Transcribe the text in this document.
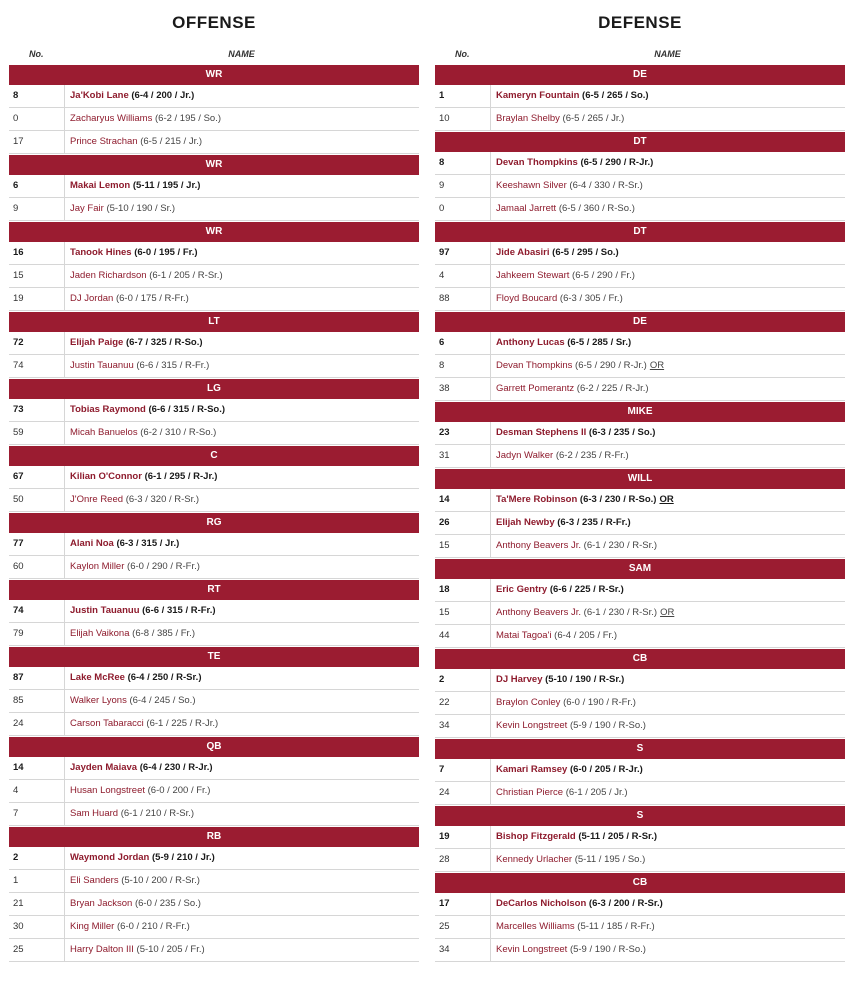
OFFENSE
No.	NAME
WR
8	Ja'Kobi Lane (6-4 / 200 / Jr.)
0	Zacharyus Williams (6-2 / 195 / So.)
17	Prince Strachan (6-5 / 215 / Jr.)
WR
6	Makai Lemon (5-11 / 195 / Jr.)
9	Jay Fair (5-10 / 190 / Sr.)
WR
16	Tanook Hines (6-0 / 195 / Fr.)
15	Jaden Richardson (6-1 / 205 / R-Sr.)
19	DJ Jordan (6-0 / 175 / R-Fr.)
LT
72	Elijah Paige (6-7 / 325 / R-So.)
74	Justin Tauanuu (6-6 / 315 / R-Fr.)
LG
73	Tobias Raymond (6-6 / 315 / R-So.)
59	Micah Banuelos (6-2 / 310 / R-So.)
C
67	Kilian O'Connor (6-1 / 295 / R-Jr.)
50	J'Onre Reed (6-3 / 320 / R-Sr.)
RG
77	Alani Noa (6-3 / 315 / Jr.)
60	Kaylon Miller (6-0 / 290 / R-Fr.)
RT
74	Justin Tauanuu (6-6 / 315 / R-Fr.)
79	Elijah Vaikona (6-8 / 385 / Fr.)
TE
87	Lake McRee (6-4 / 250 / R-Sr.)
85	Walker Lyons (6-4 / 245 / So.)
24	Carson Tabaracci (6-1 / 225 / R-Jr.)
QB
14	Jayden Maiava (6-4 / 230 / R-Jr.)
4	Husan Longstreet (6-0 / 200 / Fr.)
7	Sam Huard (6-1 / 210 / R-Sr.)
RB
2	Waymond Jordan (5-9 / 210 / Jr.)
1	Eli Sanders (5-10 / 200 / R-Sr.)
21	Bryan Jackson (6-0 / 235 / So.)
30	King Miller (6-0 / 210 / R-Fr.)
25	Harry Dalton III (5-10 / 205 / Fr.)
DEFENSE
No.	NAME
DE
1	Kameryn Fountain (6-5 / 265 / So.)
10	Braylan Shelby (6-5 / 265 / Jr.)
DT
8	Devan Thompkins (6-5 / 290 / R-Jr.)
9	Keeshawn Silver (6-4 / 330 / R-Sr.)
0	Jamaal Jarrett (6-5 / 360 / R-So.)
DT
97	Jide Abasiri (6-5 / 295 / So.)
4	Jahkeem Stewart (6-5 / 290 / Fr.)
88	Floyd Boucard (6-3 / 305 / Fr.)
DE
6	Anthony Lucas (6-5 / 285 / Sr.)
8	Devan Thompkins (6-5 / 290 / R-Jr.) OR
38	Garrett Pomerantz (6-2 / 225 / R-Jr.)
MIKE
23	Desman Stephens II (6-3 / 235 / So.)
31	Jadyn Walker (6-2 / 235 / R-Fr.)
WILL
14	Ta'Mere Robinson (6-3 / 230 / R-So.) OR
26	Elijah Newby (6-3 / 235 / R-Fr.)
15	Anthony Beavers Jr. (6-1 / 230 / R-Sr.)
SAM
18	Eric Gentry (6-6 / 225 / R-Sr.)
15	Anthony Beavers Jr. (6-1 / 230 / R-Sr.) OR
44	Matai Tagoa'i (6-4 / 205 / Fr.)
CB
2	DJ Harvey (5-10 / 190 / R-Sr.)
22	Braylon Conley (6-0 / 190 / R-Fr.)
34	Kevin Longstreet (5-9 / 190 / R-So.)
S
7	Kamari Ramsey (6-0 / 205 / R-Jr.)
24	Christian Pierce (6-1 / 205 / Jr.)
S
19	Bishop Fitzgerald (5-11 / 205 / R-Sr.)
28	Kennedy Urlacher (5-11 / 195 / So.)
CB
17	DeCarlos Nicholson (6-3 / 200 / R-Sr.)
25	Marcelles Williams (5-11 / 185 / R-Fr.)
34	Kevin Longstreet (5-9 / 190 / R-So.)
